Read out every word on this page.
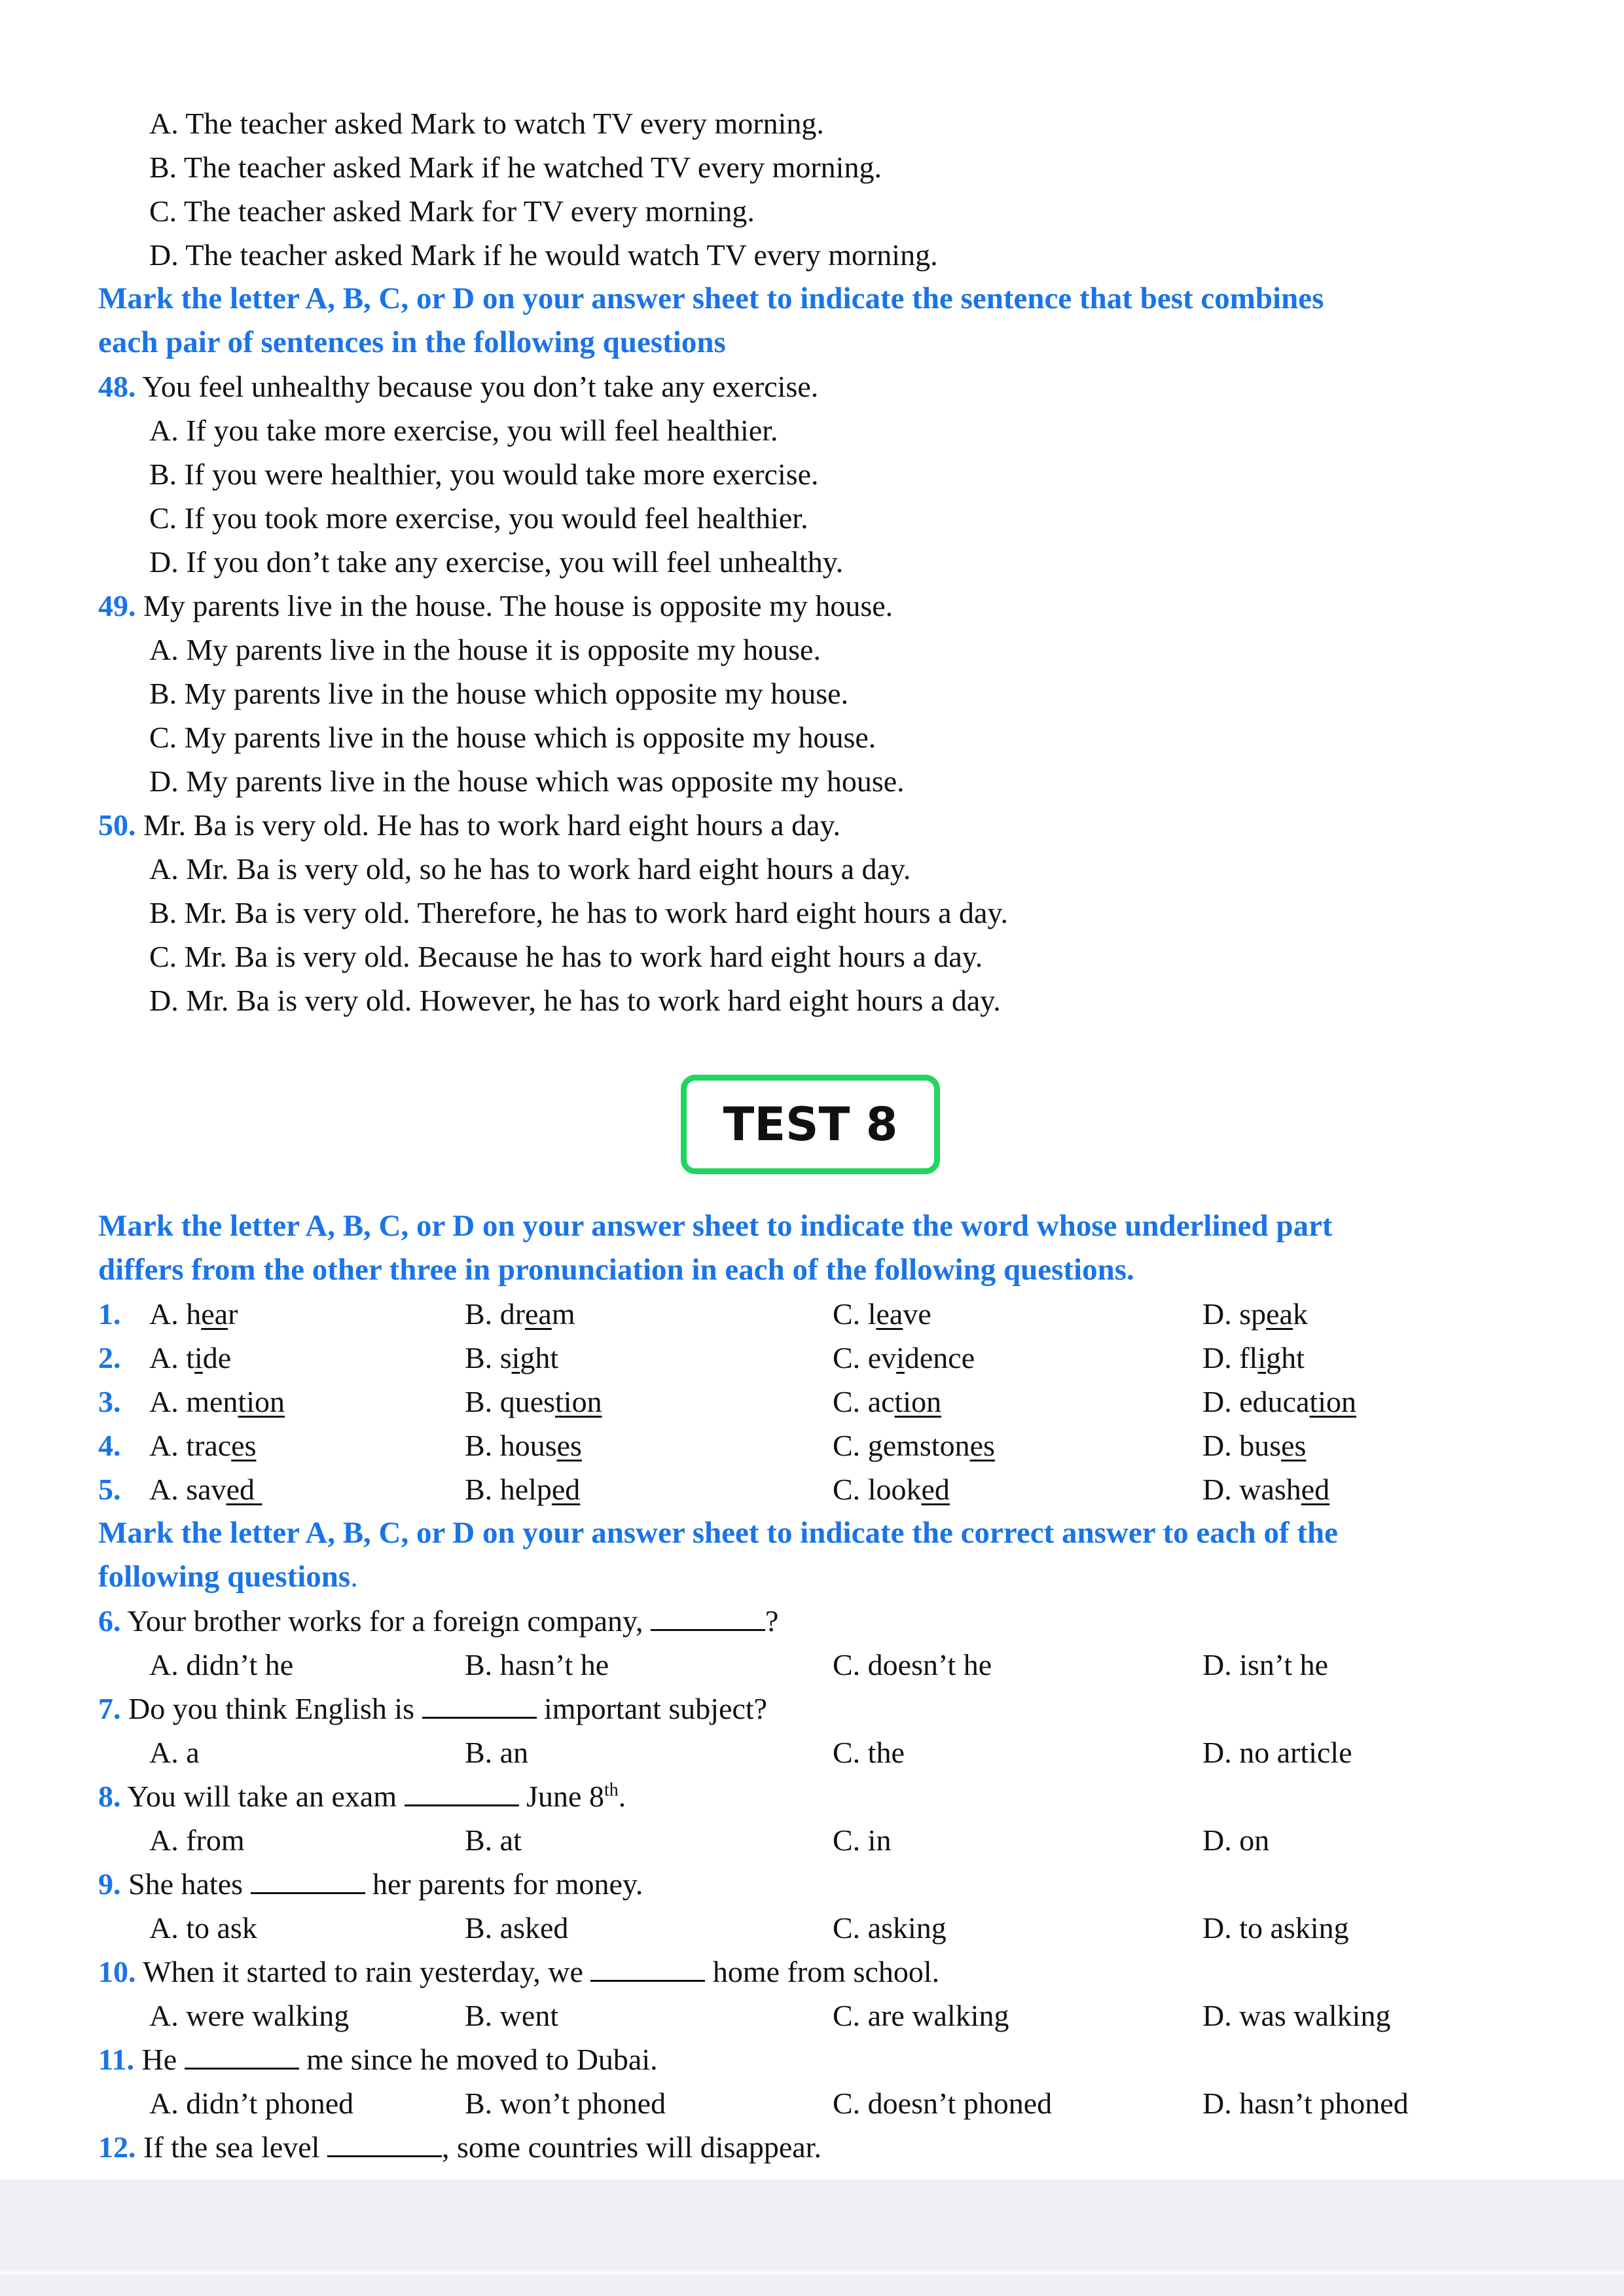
A. The teacher asked Mark to watch TV every morning.
B. The teacher asked Mark if he watched TV every morning.
C. The teacher asked Mark for TV every morning.
D. The teacher asked Mark if he would watch TV every morning.
Mark the letter A, B, C, or D on your answer sheet to indicate the sentence that best combines
each pair of sentences in the following questions
48. You feel unhealthy because you don’t take any exercise.
A. If you take more exercise, you will feel healthier.
B. If you were healthier, you would take more exercise.
C. If you took more exercise, you would feel healthier.
D. If you don’t take any exercise, you will feel unhealthy.
49. My parents live in the house. The house is opposite my house.
A. My parents live in the house it is opposite my house.
B. My parents live in the house which opposite my house.
C. My parents live in the house which is opposite my house.
D. My parents live in the house which was opposite my house.
50. Mr. Ba is very old. He has to work hard eight hours a day.
A. Mr. Ba is very old, so he has to work hard eight hours a day.
B. Mr. Ba is very old. Therefore, he has to work hard eight hours a day.
C. Mr. Ba is very old. Because he has to work hard eight hours a day.
D. Mr. Ba is very old. However, he has to work hard eight hours a day.
TEST 8
Mark the letter A, B, C, or D on your answer sheet to indicate the word whose underlined part
differs from the other three in pronunciation in each of the following questions.
1. A. hear	B. dream	C. leave	D. speak
2. A. tide	B. sight	C. evidence	D. flight
3. A. mention	B. question	C. action	D. education
4. A. traces	B. houses	C. gemstones	D. buses
5. A. saved	B. helped	C. looked	D. washed
Mark the letter A, B, C, or D on your answer sheet to indicate the correct answer to each of the
following questions.
6. Your brother works for a foreign company,	?
A. didn’t he	B. hasn’t he	C. doesn’t he	D. isn’t he
7. Do you think English is	important subject?
A. a	B. an	C. the	D. no article
8. You will take an exam	June 8th.
A. from	B. at	C. in	D. on
9. She hates	her parents for money.
A. to ask	B. asked	C. asking	D. to asking
10. When it started to rain yesterday, we	home from school.
A. were walking	B. went	C. are walking	D. was walking
11. He	me since he moved to Dubai.
A. didn’t phoned	B. won’t phoned	C. doesn’t phoned	D. hasn’t phoned
12. If the sea level	, some countries will disappear.
